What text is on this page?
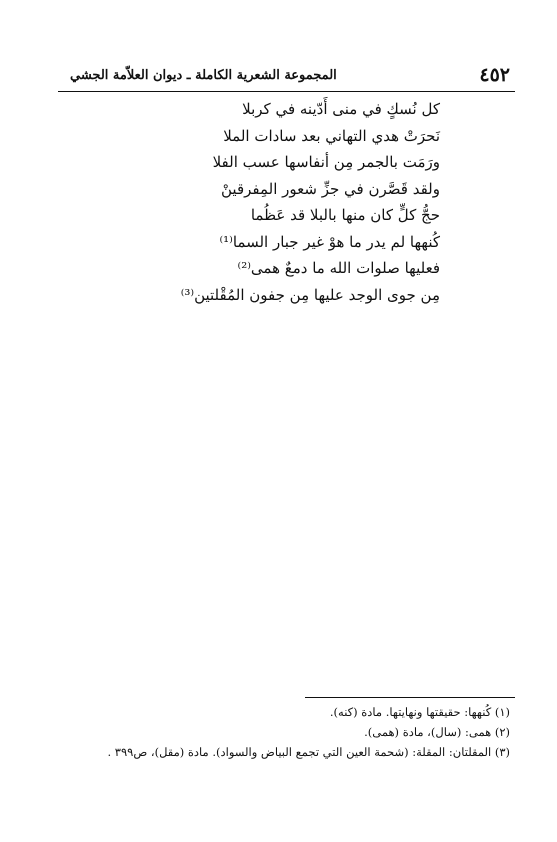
٤٥٢
المجموعة الشعرية الكاملة ـ ديوان العلاّمة الجشي
كل نُسكٍ في منى أَدّينه في كربلا
نَحرَتْ هدي التهاني بعد سادات الملا
ورَمَت بالجمر مِن أنفاسها عسب الفلا
ولقد قَصَّرن في جزِّ شعور المِفرقينْ
حجُّ كلٍّ كان منها بالبلا قد عَظُما
كُنهها لم يدر ما هوْ غير جبار السما⁽¹⁾
فعليها صلوات الله ما دمعٌ همى⁽²⁾
مِن جوى الوجد عليها مِن جفون المُقْلتين⁽³⁾
(١) كُنهها: حقيقتها ونهايتها. مادة (كنه).
(٢) همى: (سال)، مادة (همى).
(٣) المقلتان: المقلة: (شحمة العين التي تجمع البياض والسواد). مادة (مقل)، ص٣٩٩ .
